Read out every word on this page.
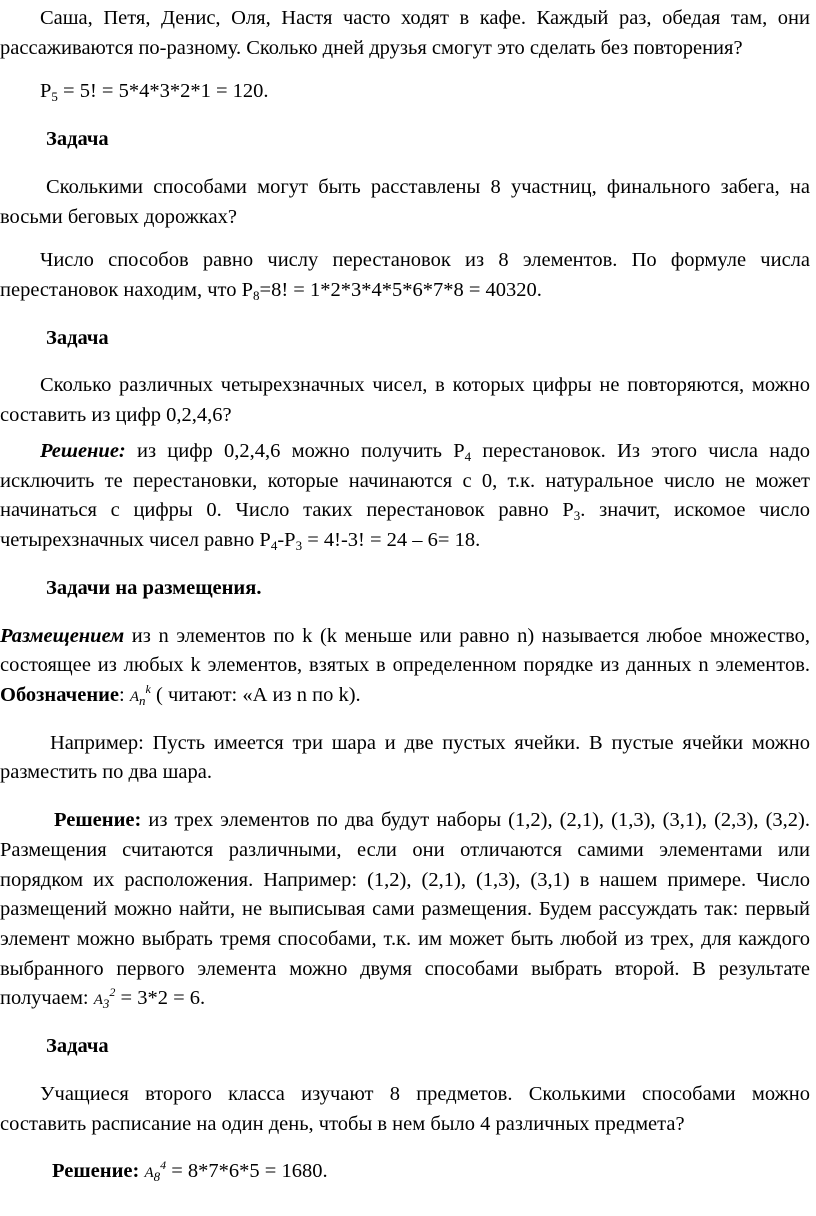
Саша, Петя, Денис, Оля, Настя часто ходят в кафе. Каждый раз, обедая там, они рассаживаются по-разному. Сколько дней друзья смогут это сделать без повторения?

$P_5 = 5$! = 5*4*3*2*1 = 120.

Задача

Сколькими способами могут быть расставлены 8 участниц, финального забега, на восьми беговых дорожках?

Число способов равно числу перестановок из 8 элементов. По формуле числа перестановок находим, что $P_8=8$! = 1*2*3*4*5*6*7*8 = 40320.

Задача

Сколько различных четырехзначных чисел, в которых цифры не повторяются, можно составить из цифр 0,2,4,6?

Решение: из цифр 0,2,4,6 можно получить $P_4$ перестановок. Из этого числа надо исключить те перестановки, которые начинаются с 0, т.к. натуральное число не может начинаться с цифры 0. Число таких перестановок равно $P_3$. значит, искомое число четырехзначных чисел равно $P_4-P_3 = 4!-3$! = 24 – 6= 18.

Задачи на размещения.

Размещением из n элементов по k (k меньше или равно n) называется любое множество, состоящее из любых k элементов, взятых в определенном порядке из данных n элементов. Обозначение: $A_n^k$ ( читают: «А из n по k).

Например: Пусть имеется три шара и две пустых ячейки. В пустые ячейки можно разместить по два шара.

Решение: из трех элементов по два будут наборы (1,2), (2,1), (1,3), (3,1), (2,3), (3,2). Размещения считаются различными, если они отличаются самими элементами или порядком их расположения. Например: (1,2), (2,1), (1,3), (3,1) в нашем примере. Число размещений можно найти, не выписывая сами размещения. Будем рассуждать так: первый элемент можно выбрать тремя способами, т.к. им может быть любой из трех, для каждого выбранного первого элемента можно двумя способами выбрать второй. В результате получаем: $A_3^2 = 3*2 = 6$.

Задача

Учащиеся второго класса изучают 8 предметов. Сколькими способами можно составить расписание на один день, чтобы в нем было 4 различных предмета?

Решение: $A_8^4 = 8*7*6*5 = 1680$.
